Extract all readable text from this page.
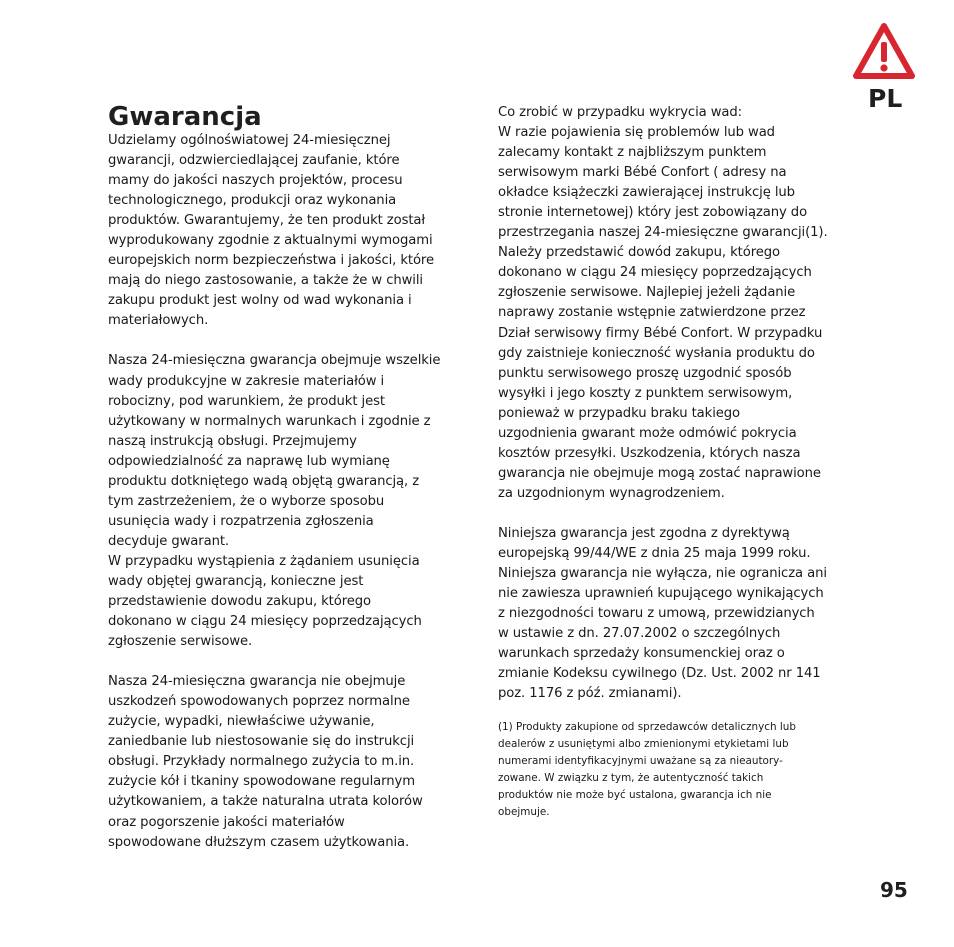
PL
Gwarancja

Udzielamy ogólnoświatowej 24-miesięcznej
gwarancji, odzwierciedlającej zaufanie, które
mamy do jakości naszych projektów, procesu
technologicznego, produkcji oraz wykonania
produktów. Gwarantujemy, że ten produkt został
wyprodukowany zgodnie z aktualnymi wymogami
europejskich norm bezpieczeństwa i jakości, które
mają do niego zastosowanie, a także że w chwili
zakupu produkt jest wolny od wad wykonania i
materiałowych.

Nasza 24-miesięczna gwarancja obejmuje wszelkie
wady produkcyjne w zakresie materiałów i
robocizny, pod warunkiem, że produkt jest
użytkowany w normalnych warunkach i zgodnie z
naszą instrukcją obsługi. Przejmujemy
odpowiedzialność za naprawę lub wymianę
produktu dotkniętego wadą objętą gwarancją, z
tym zastrzeżeniem, że o wyborze sposobu
usunięcia wady i rozpatrzenia zgłoszenia
decyduje gwarant.

W przypadku wystąpienia z żądaniem usunięcia
wady objętej gwarancją, konieczne jest
przedstawienie dowodu zakupu, którego
dokonano w ciągu 24 miesięcy poprzedzających
zgłoszenie serwisowe.

Nasza 24-miesięczna gwarancja nie obejmuje
uszkodzeń spowodowanych poprzez normalne
zużycie, wypadki, niewłaściwe używanie,
zaniedbanie lub niestosowanie się do instrukcji
obsługi. Przykłady normalnego zużycia to m.in.
zużycie kół i tkaniny spowodowane regularnym
użytkowaniem, a także naturalna utrata kolorów
oraz pogorszenie jakości materiałów
spowodowane dłuższym czasem użytkowania.

Co zrobić w przypadku wykrycia wad:
W razie pojawienia się problemów lub wad
zalecamy kontakt z najbliższym punktem
serwisowym marki Bébé Confort ( adresy na
okładce książeczki zawierającej instrukcję lub
stronie internetowej) który jest zobowiązany do
przestrzegania naszej 24-miesięczne gwarancji(1).
Należy przedstawić dowód zakupu, którego
dokonano w ciągu 24 miesięcy poprzedzających
zgłoszenie serwisowe. Najlepiej jeżeli żądanie
naprawy zostanie wstępnie zatwierdzone przez
Dział serwisowy firmy Bébé Confort. W przypadku
gdy zaistnieje konieczność wysłania produktu do
punktu serwisowego proszę uzgodnić sposób
wysyłki i jego koszty z punktem serwisowym,
ponieważ w przypadku braku takiego
uzgodnienia gwarant może odmówić pokrycia
kosztów przesyłki. Uszkodzenia, których nasza
gwarancja nie obejmuje mogą zostać naprawione
za uzgodnionym wynagrodzeniem.

Niniejsza gwarancja jest zgodna z dyrektywą
europejską 99/44/WE z dnia 25 maja 1999 roku.
Niniejsza gwarancja nie wyłącza, nie ogranicza ani
nie zawiesza uprawnień kupującego wynikających
z niezgodności towaru z umową, przewidzianych
w ustawie z dn. 27.07.2002 o szczególnych
warunkach sprzedaży konsumenckiej oraz o
zmianie Kodeksu cywilnego (Dz. Ust. 2002 nr 141
poz. 1176 z póź. zmianami).

(1) Produkty zakupione od sprzedawców detalicznych lub
dealerów z usuniętymi albo zmienionymi etykietami lub
numerami identyfikacyjnymi uważane są za nieautory-
zowane. W związku z tym, że autentyczność takich
produktów nie może być ustalona, gwarancja ich nie
obejmuje.

95
